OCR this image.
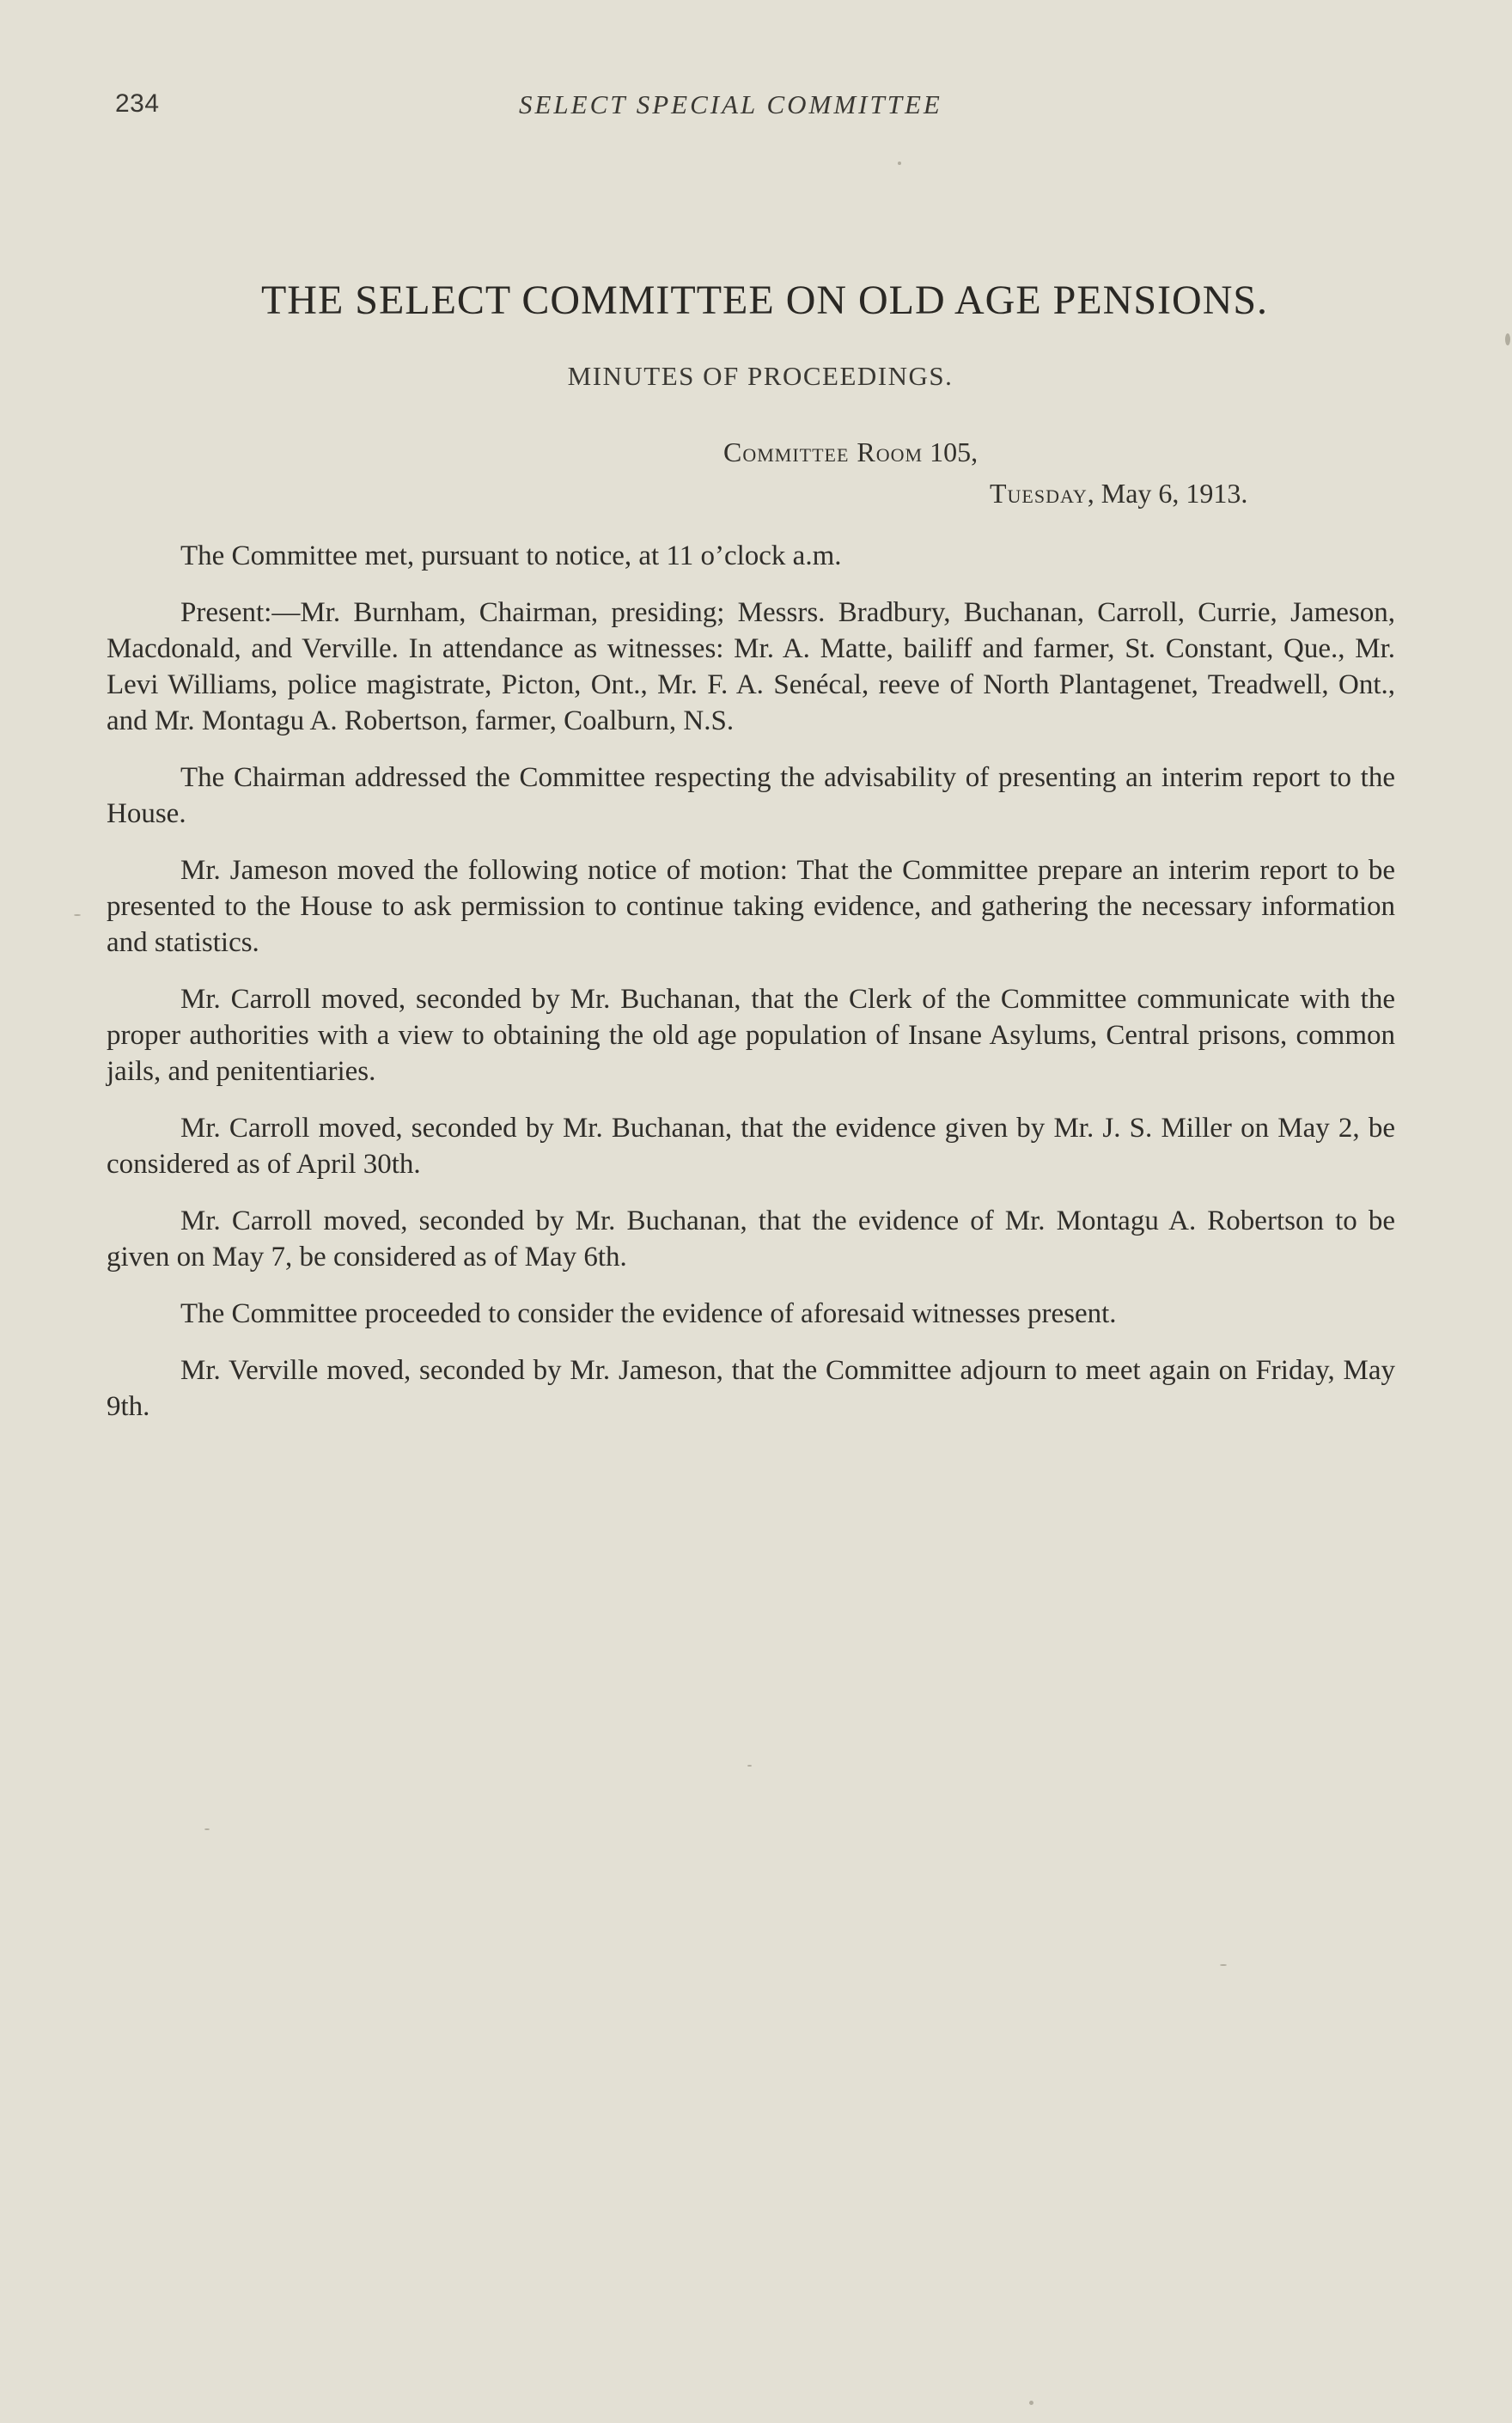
234	SELECT SPECIAL COMMITTEE
THE SELECT COMMITTEE ON OLD AGE PENSIONS.
MINUTES OF PROCEEDINGS.
Committee Room 105,
Tuesday, May 6, 1913.

The Committee met, pursuant to notice, at 11 o’clock a.m.

Present:—Mr. Burnham, Chairman, presiding; Messrs. Bradbury, Buchanan, Carroll, Currie, Jameson, Macdonald, and Verville. In attendance as witnesses: Mr. A. Matte, bailiff and farmer, St. Constant, Que., Mr. Levi Williams, police magistrate, Picton, Ont., Mr. F. A. Senécal, reeve of North Plantagenet, Treadwell, Ont., and Mr. Montagu A. Robertson, farmer, Coalburn, N.S.

The Chairman addressed the Committee respecting the advisability of presenting an interim report to the House.

Mr. Jameson moved the following notice of motion: That the Committee prepare an interim report to be presented to the House to ask permission to continue taking evidence, and gathering the necessary information and statistics.

Mr. Carroll moved, seconded by Mr. Buchanan, that the Clerk of the Committee communicate with the proper authorities with a view to obtaining the old age population of Insane Asylums, Central prisons, common jails, and penitentiaries.

Mr. Carroll moved, seconded by Mr. Buchanan, that the evidence given by Mr. J. S. Miller on May 2, be considered as of April 30th.

Mr. Carroll moved, seconded by Mr. Buchanan, that the evidence of Mr. Montagu A. Robertson to be given on May 7, be considered as of May 6th.

The Committee proceeded to consider the evidence of aforesaid witnesses present.

Mr. Verville moved, seconded by Mr. Jameson, that the Committee adjourn to meet again on Friday, May 9th.
